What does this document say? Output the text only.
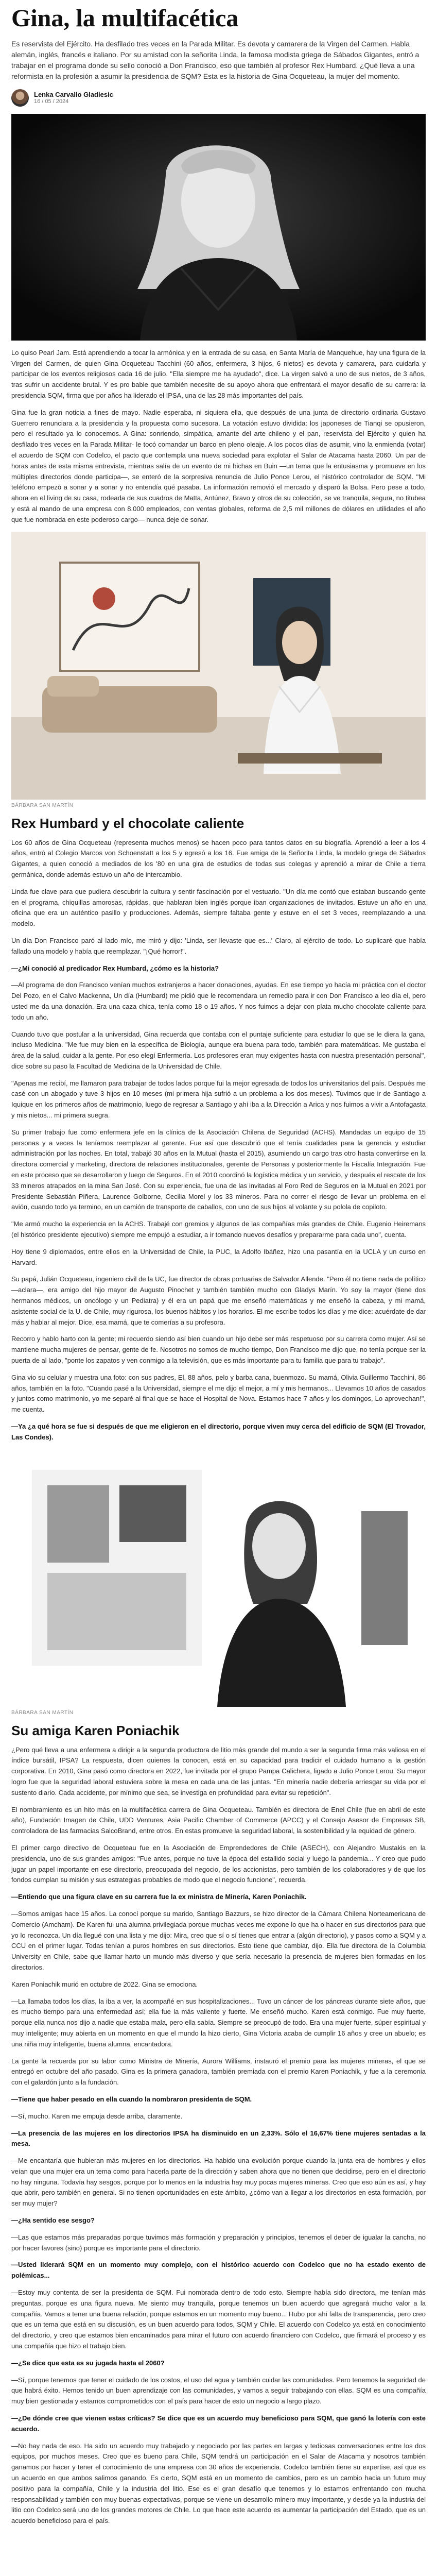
Gina, la multifacética

Es reservista del Ejército. Ha desfilado tres veces en la Parada Militar. Es devota y camarera de la Virgen del Carmen. Habla alemán, inglés, francés e italiano. Por su amistad con la señorita Linda, la famosa modista griega de Sábados Gigantes, entró a trabajar en el programa donde su sello conoció a Don Francisco, eso que también al profesor Rex Humbard. ¿Qué lleva a una reformista en la profesión a asumir la presidencia de SQM? Esta es la historia de Gina Ocqueteau, la mujer del momento.

Lenka Carvallo Gladiesic
16 / 05 / 2024

Lo quiso Pearl Jam. Está aprendiendo a tocar la armónica y en la entrada de su casa, en Santa María de Manquehue, hay una figura de la Virgen del Carmen, de quien Gina Ocqueteau Tacchini (60 años, enfermera, 3 hijos, 6 nietos) es devota y camarera, para cuidarla y participar de los eventos religiosos cada 16 de julio. "Ella siempre me ha ayudado", dice. La virgen salvó a uno de sus nietos, de 3 años, tras sufrir un accidente brutal. Y es pro bable que también necesite de su apoyo ahora que enfrentará el mayor desafío de su carrera: la presidencia SQM, firma que por años ha liderado el IPSA, una de las 28 más importantes del país.

Gina fue la gran noticia a fines de mayo. Nadie esperaba, ni siquiera ella, que después de una junta de directorio ordinaria Gustavo Guerrero renunciara a la presidencia y la propuesta como sucesora. La votación estuvo dividida: los japoneses de Tianqi se opusieron, pero el resultado ya lo conocemos. A Gina: sonriendo, simpática, amante del arte chileno y el pan, reservista del Ejército y quien ha desfilado tres veces en la Parada Militar- le tocó comandar un barco en pleno oleaje. A los pocos días de asumir, vino la enmienda (votar) el acuerdo de SQM con Codelco, el pacto que contempla una nueva sociedad para explotar el Salar de Atacama hasta 2060. Un par de horas antes de esta misma entrevista, mientras salía de un evento de mi hichas en Buin —un tema que la entusiasma y promueve en los múltiples directorios donde participa—, se enteró de la sorpresiva renuncia de Julio Ponce Lerou, el histórico controlador de SQM. "Mi teléfono empezó a sonar y a sonar y no entendía qué pasaba. La información removió el mercado y disparó la Bolsa. Pero pese a todo, ahora en el living de su casa, rodeada de sus cuadros de Matta, Antúnez, Bravo y otros de su colección, se ve tranquila, segura, no titubea y está al mando de una empresa con 8.000 empleados, con ventas globales, reforma de 2,5 mil millones de dólares en utilidades el año que fue nombrada en este poderoso cargo— nunca deje de sonar.

BÁRBARA SAN MARTÍN
Rex Humbard y el chocolate caliente

Los 60 años de Gina Ocqueteau (representa muchos menos) se hacen poco para tantos datos en su biografía. Aprendió a leer a los 4 años, entró al Colegio Marcos von Schoenstatt a los 5 y egresó a los 16. Fue amiga de la Señorita Linda, la modelo griega de Sábados Gigantes, a quien conoció a mediados de los '80 en una gira de estudios de todas sus colegas y aprendió a mirar de Chile a tierra germánica, donde además estuvo un año de intercambio.

Linda fue clave para que pudiera descubrir la cultura y sentir fascinación por el vestuario. "Un día me contó que estaban buscando gente en el programa, chiquillas amorosas, rápidas, que hablaran bien inglés porque iban organizaciones de invitados. Estuve un año en una oficina que era un auténtico pasillo y producciones. Además, siempre faltaba gente y estuve en el set 3 veces, reemplazando a una modelo.

Un día Don Francisco paró al lado mío, me miró y dijo: 'Linda, ser llevaste que es...' Claro, al ejército de todo. Lo suplicaré que había fallado una modelo y había que reemplazar. "¡Qué horror!".

—¿Mi conoció al predicador Rex Humbard, ¿cómo es la historia?

—Al programa de don Francisco venían muchos extranjeros a hacer donaciones, ayudas. En ese tiempo yo hacía mi práctica con el doctor Del Pozo, en el Calvo Mackenna, Un día (Humbard) me pidió que le recomendara un remedio para ir con Don Francisco a leo día el, pero usted me da una donación. Era una caza chica, tenía como 18 o 19 años. Y nos fuimos a dejar con plata mucho chocolate caliente para todo un año.

Cuando tuvo que postular a la universidad, Gina recuerda que contaba con el puntaje suficiente para estudiar lo que se le diera la gana, incluso Medicina. "Me fue muy bien en la específica de Biología, aunque era buena para todo, también para matemáticas. Me gustaba el área de la salud, cuidar a la gente. Por eso elegí Enfermería. Los profesores eran muy exigentes hasta con nuestra presentación personal", dice sobre su paso la Facultad de Medicina de la Universidad de Chile.

"Apenas me recibí, me llamaron para trabajar de todos lados porque fui la mejor egresada de todos los universitarios del país. Después me casé con un abogado y tuve 3 hijos en 10 meses (mi primera hija sufrió a un problema a los dos meses). Tuvimos que ir de Santiago a Iquique en los primeros años de matrimonio, luego de regresar a Santiago y ahí iba a la Dirección a Arica y nos fuimos a vivir a Antofagasta y mis nietos... mi primera suegra.

Su primer trabajo fue como enfermera jefe en la clínica de la Asociación Chilena de Seguridad (ACHS). Mandadas un equipo de 15 personas y a veces la teníamos reemplazar al gerente. Fue así que descubrió que el tenía cualidades para la gerencia y estudiar administración por las noches. En total, trabajó 30 años en la Mutual (hasta el 2015), asumiendo un cargo tras otro hasta convertirse en la directora comercial y marketing, directora de relaciones institucionales, gerente de Personas y posteriormente la Fiscalía Integración. Fue en este proceso que se desarrollaron y luego de Seguros. En el 2010 coordinó la logística médica y un servicio, y después el rescate de los 33 mineros atrapados en la mina San José. Con su experiencia, fue una de las invitadas al Foro Red de Seguros en la Mutual en 2021 por Presidente Sebastián Piñera, Laurence Golborne, Cecilia Morel y los 33 mineros. Para no correr el riesgo de llevar un problema en el avión, cuando todo ya termino, en un camión de transporte de caballos, con uno de sus hijos al volante y su polola de copiloto.

"Me armó mucho la experiencia en la ACHS. Trabajé con gremios y algunos de las compañías más grandes de Chile. Eugenio Heiremans (el histórico presidente ejecutivo) siempre me empujó a estudiar, a ir tomando nuevos desafíos y prepararme para cada uno", cuenta.

Hoy tiene 9 diplomados, entre ellos en la Universidad de Chile, la PUC, la Adolfo Ibáñez, hizo una pasantía en la UCLA y un curso en Harvard.

Su papá, Julián Ocqueteau, ingeniero civil de la UC, fue director de obras portuarias de Salvador Allende. "Pero él no tiene nada de político —aclara—, era amigo del hijo mayor de Augusto Pinochet y también también mucho con Gladys Marín. Yo soy la mayor (tiene dos hermanos médicos, un oncólogo y un Pediatra) y él era un papá que me enseñó matemáticas y me enseñó la cabeza, y mi mamá, asistente social de la U. de Chile, muy rigurosa, los buenos hábitos y los horarios. El me escribe todos los días y me dice: acuérdate de dar más y hablar al mejor. Dice, esa mamá, que te comerías a su profesora.

Recorro y hablo harto con la gente; mi recuerdo siendo así bien cuando un hijo debe ser más respetuoso por su carrera como mujer. Así se mantiene mucha mujeres de pensar, gente de fe. Nosotros no somos de mucho tiempo, Don Francisco me dijo que, no tenía porque ser la puerta de al lado, "ponte los zapatos y ven conmigo a la televisión, que es más importante para tu familia que para tu trabajo".

Gina vio su celular y muestra una foto: con sus padres, El, 88 años, pelo y barba cana, buenmozo. Su mamá, Olivia Guillermo Tacchini, 86 años, también en la foto. "Cuando pasé a la Universidad, siempre el me dijo el mejor, a mí y mis hermanos... Llevamos 10 años de casados y juntos como matrimonio, yo me separé al final que se hace el Hospital de Nova. Estamos hace 7 años y los domingos, Lo aprovechan!", me cuenta.

—Ya ¿a qué hora se fue si después de que me eligieron en el directorio, porque viven muy cerca del edificio de SQM (El Trovador, Las Condes).

BÁRBARA SAN MARTÍN
Su amiga Karen Poniachik

¿Pero qué lleva a una enfermera a dirigir a la segunda productora de litio más grande del mundo a ser la segunda firma más valiosa en el índice bursátil, IPSA? La respuesta, dicen quienes la conocen, está en su capacidad para tradicir el cuidado humano a la gestión corporativa. En 2010, Gina pasó como directora en 2022, fue invitada por el grupo Pampa Calichera, ligado a Julio Ponce Lerou. Su mayor logro fue que la seguridad laboral estuviera sobre la mesa en cada una de las juntas. "En minería nadie debería arriesgar su vida por el sustento diario. Cada accidente, por mínimo que sea, se investiga en profundidad para evitar su repetición".

El nombramiento es un hito más en la multifacética carrera de Gina Ocqueteau. También es directora de Enel Chile (fue en abril de este año), Fundación Imagen de Chile, UDD Ventures, Asia Pacific Chamber of Commerce (APCC) y el Consejo Asesor de Empresas SB, controladora de las farmacias SalcoBrand, entre otros. En estas promueve la seguridad laboral, la sostenibilidad y la equidad de género.

El primer cargo directivo de Ocqueteau fue en la Asociación de Emprendedores de Chile (ASECH), con Alejandro Mustakis en la presidencia, uno de sus grandes amigos: "Fue antes, porque no tuve la época del estallido social y luego la pandemia... Y creo que pudo jugar un papel importante en ese directorio, preocupada del negocio, de los accionistas, pero también de los colaboradores y de que los fondos cumplan su misión y sus estrategias probables de modo que el negocio funcione", recuerda.

—Entiendo que una figura clave en su carrera fue la ex ministra de Minería, Karen Poniachik.

—Somos amigas hace 15 años. La conocí porque su marido, Santiago Bazzurs, se hizo director de la Cámara Chilena Norteamericana de Comercio (Amcham). De Karen fui una alumna privilegiada porque muchas veces me expone lo que ha o hacer en sus directorios para que yo lo reconozca. Un día llegué con una lista y me dijo: Mira, creo que sí o sí tienes que entrar a (algún directorio), y pasos como a SQM y a CCU en el primer lugar. Todas tenían a puros hombres en sus directorios. Esto tiene que cambiar, dijo. Ella fue directora de la Columbia University en Chile, sabe que llamar harto un mundo más diverso y que sería necesario la presencia de mujeres bien formadas en los directorios.

Karen Poniachik murió en octubre de 2022. Gina se emociona.

—La llamaba todos los días, la iba a ver, la acompañé en sus hospitalizaciones... Tuvo un cáncer de los páncreas durante siete años, que es mucho tiempo para una enfermedad así; ella fue la más valiente y fuerte. Me enseñó mucho. Karen está conmigo. Fue muy fuerte, porque ella nunca nos dijo a nadie que estaba mala, pero ella sabía. Siempre se preocupó de todo. Era una mujer fuerte, súper espiritual y muy inteligente; muy abierta en un momento en que el mundo la hizo cierto, Gina Victoria acaba de cumplir 16 años y cree un abuelo; es una niña muy inteligente, buena alumna, encantadora.

La gente la recuerda por su labor como Ministra de Minería, Aurora Williams, instauró el premio para las mujeres mineras, el que se entregó en octubre del año pasado. Gina es la primera ganadora, también premiada con el premio Karen Poniachik, y fue a la ceremonia con el galardón junto a la fundación.

—Tiene que haber pesado en ella cuando la nombraron presidenta de SQM.

—Sí, mucho. Karen me empuja desde arriba, claramente.

—La presencia de las mujeres en los directorios IPSA ha disminuido en un 2,33%. Sólo el 16,67% tiene mujeres sentadas a la mesa.

—Me encantaría que hubieran más mujeres en los directorios. Ha habido una evolución porque cuando la junta era de hombres y ellos veían que una mujer era un tema como para hacerla parte de la dirección y saben ahora que no tienen que decidirse, pero en el directorio no hay ninguna. Todavía hay sesgos, porque por lo menos en la industria hay muy pocas mujeres mineras. Creo que eso aún es así, y hay que abrir, pero también en general. Si no tienen oportunidades en este ámbito, ¿cómo van a llegar a los directorios en esta formación, por ser muy mujer?

—¿Ha sentido ese sesgo?

—Las que estamos más preparadas porque tuvimos más formación y preparación y principios, tenemos el deber de igualar la cancha, no por hacer favores (sino) porque es importante para el directorio.

—Usted liderará SQM en un momento muy complejo, con el histórico acuerdo con Codelco que no ha estado exento de polémicas...

—Estoy muy contenta de ser la presidenta de SQM. Fui nombrada dentro de todo esto. Siempre había sido directora, me tenían más preguntas, porque es una figura nueva. Me siento muy tranquila, porque tenemos un buen acuerdo que agregará mucho valor a la compañía. Vamos a tener una buena relación, porque estamos en un momento muy bueno... Hubo por ahí falta de transparencia, pero creo que es un tema que está en su discusión, es un buen acuerdo para todos, SQM y Chile. El acuerdo con Codelco ya está en conocimiento del directorio, y creo que estamos bien encaminados para mirar el futuro con acuerdo financiero con Codelco, que firmará el proceso y es una compañía que hizo el trabajo bien.

—¿Se dice que esta es su jugada hasta el 2060?

—Sí, porque tenemos que tener el cuidado de los costos, el uso del agua y también cuidar las comunidades. Pero tenemos la seguridad de que habrá éxito. Hemos tenido un buen aprendizaje con las comunidades, y vamos a seguir trabajando con ellas. SQM es una compañía muy bien gestionada y estamos comprometidos con el país para hacer de esto un negocio a largo plazo.

—¿De dónde cree que vienen estas críticas? Se dice que es un acuerdo muy beneficioso para SQM, que ganó la lotería con este acuerdo.

—No hay nada de eso. Ha sido un acuerdo muy trabajado y negociado por las partes en largas y tediosas conversaciones entre los dos equipos, por muchos meses. Creo que es bueno para Chile, SQM tendrá un participación en el Salar de Atacama y nosotros también ganamos por hacer y tener el conocimiento de una empresa con 30 años de experiencia. Codelco también tiene su expertise, así que es un acuerdo en que ambos salimos ganando. Es cierto, SQM está en un momento de cambios, pero es un cambio hacia un futuro muy positivo para la compañía, Chile y la industria del litio. Ese es el gran desafío que tenemos y lo estamos enfrentando con mucha responsabilidad y también con muy buenas expectativas, porque se viene un desarrollo minero muy importante, y desde ya la industria del litio con Codelco será uno de los grandes motores de Chile. Lo que hace este acuerdo es aumentar la participación del Estado, que es un acuerdo beneficioso para el país.
